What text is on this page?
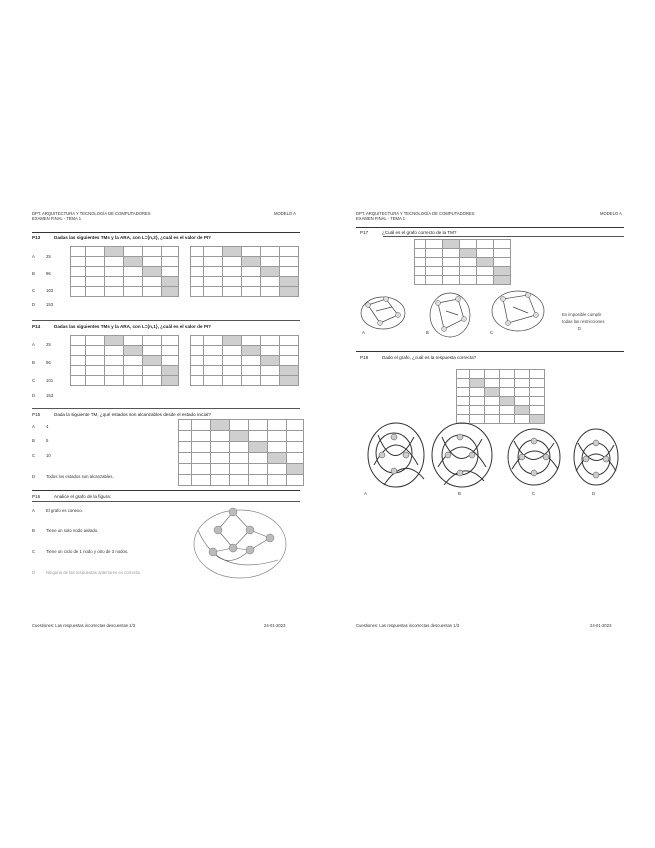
DPT. ARQUITECTURA Y TECNOLOGÍA DE COMPUTADORES
EXAMEN FINAL - TEMA 1
MODELO A
P13	Dadas las siguientes TMs y la ARA, con L={n,2}, ¿cuál es el valor de PI?
A	25
B	96
C	103
D	153

P14	Dadas las siguientes TMs y la ARA, con L={n,1}, ¿cuál es el valor de PI?
A	25
B	96
C	101
D	153

P15	Dada la siguiente TM, ¿qué estados son alcanzables desde el estado inicial?
A	4
B	5
C	10
D	Todos los estados son alcanzables.

P16	Analice el grafo de la figura:
A	El grafo es conexo.
B	Tiene un solo nodo aislado.
C	Tiene un ciclo de 1 nodo y otro de 3 nodos.
D	Ninguna de las respuestas anteriores es correcta.
Cuestiones: Las respuestas incorrectas descuentan 1/3	24-01-2023
DPT. ARQUITECTURA Y TECNOLOGÍA DE COMPUTADORES
EXAMEN FINAL - TEMA 1
MODELO A
P17	¿Cuál es el grafo correcto de la TM?

A	B	C
Es imposible cumplir
todas las restricciones
D
P18	Dado el grafo, ¿cuál es la respuesta correcta?

A	B	C	D
Cuestiones: Las respuestas incorrectas descuentan 1/3	24-01-2023
